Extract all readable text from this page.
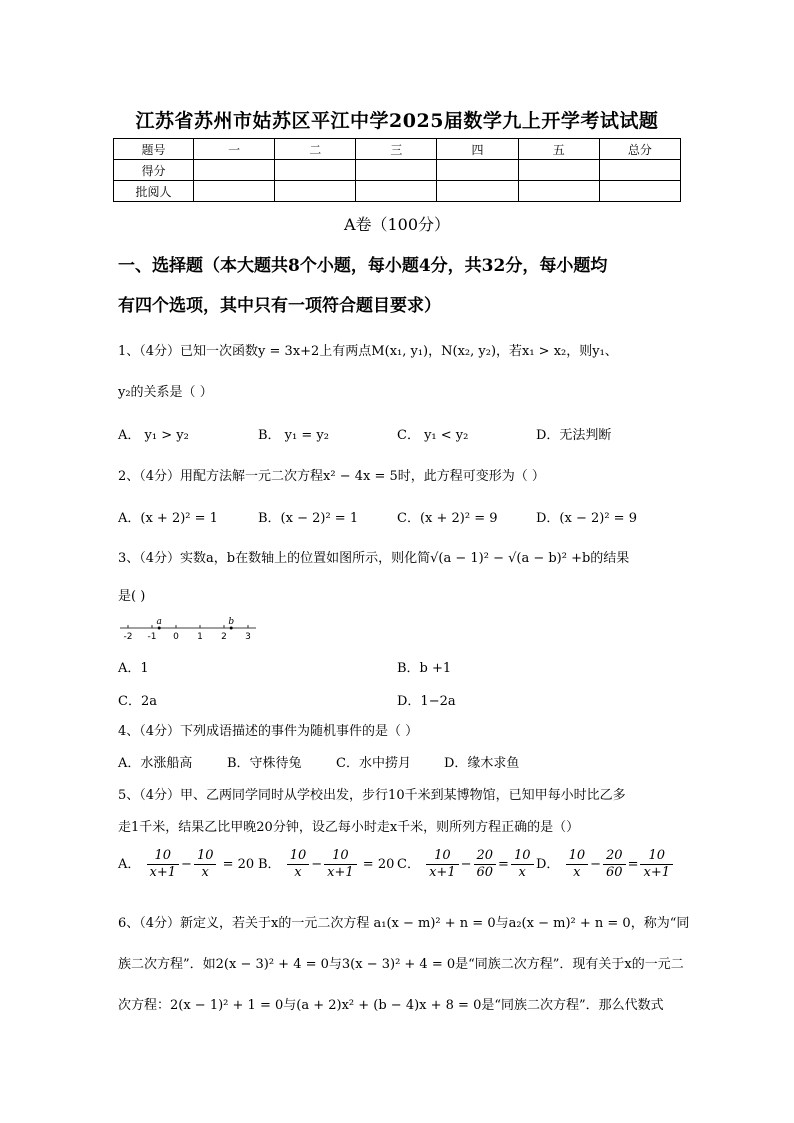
江苏省苏州市姑苏区平江中学2025届数学九上开学考试试题
题号	一	二	三	四	五	总分
得分						
批阅人						
A卷（100分）
一、选择题（本大题共8个小题，每小题4分，共32分，每小题均
有四个选项，其中只有一项符合题目要求）
1、（4分）已知一次函数y = 3x+2上有两点M(x₁, y₁)，N(x₂, y₂)，若x₁ > x₂，则y₁、
y₂的关系是（ ）
A． y₁ > y₂	B． y₁ = y₂	C． y₁ < y₂	D．无法判断
2、（4分）用配方法解一元二次方程x² − 4x = 5时，此方程可变形为（ ）
A．(x + 2)² = 1	B．(x − 2)² = 1	C．(x + 2)² = 9	D．(x − 2)² = 9
3、（4分）实数a，b在数轴上的位置如图所示，则化简√(a − 1)² − √(a − b)² +b的结果
是( )
-2 -1 0 1 2 3
a	b
A．1	B．b +1
C．2a	D．1−2a
4、（4分）下列成语描述的事件为随机事件的是（ ）
A．水涨船高	B．守株待兔	C．水中捞月	D．缘木求鱼
5、（4分）甲、乙两同学同时从学校出发，步行10千米到某博物馆，已知甲每小时比乙多
走1千米，结果乙比甲晚20分钟，设乙每小时走x千米，则所列方程正确的是（）
A． $\frac{10}{x+1} - \frac{10}{x} = 20$ B． $\frac{10}{x} - \frac{10}{x+1} = 20$ C． $\frac{10}{x+1} - \frac{20}{60} = \frac{10}{x}$ D． $\frac{10}{x} - \frac{20}{60} = \frac{10}{x+1}$
6、（4分）新定义，若关于x的一元二次方程 a₁(x − m)² + n = 0与a₂(x − m)² + n = 0，称为“同
族二次方程”．如2(x − 3)² + 4 = 0与3(x − 3)² + 4 = 0是“同族二次方程”．现有关于x的一元二
次方程：2(x − 1)² + 1 = 0与(a + 2)x² + (b − 4)x + 8 = 0是“同族二次方程”．那么代数式
